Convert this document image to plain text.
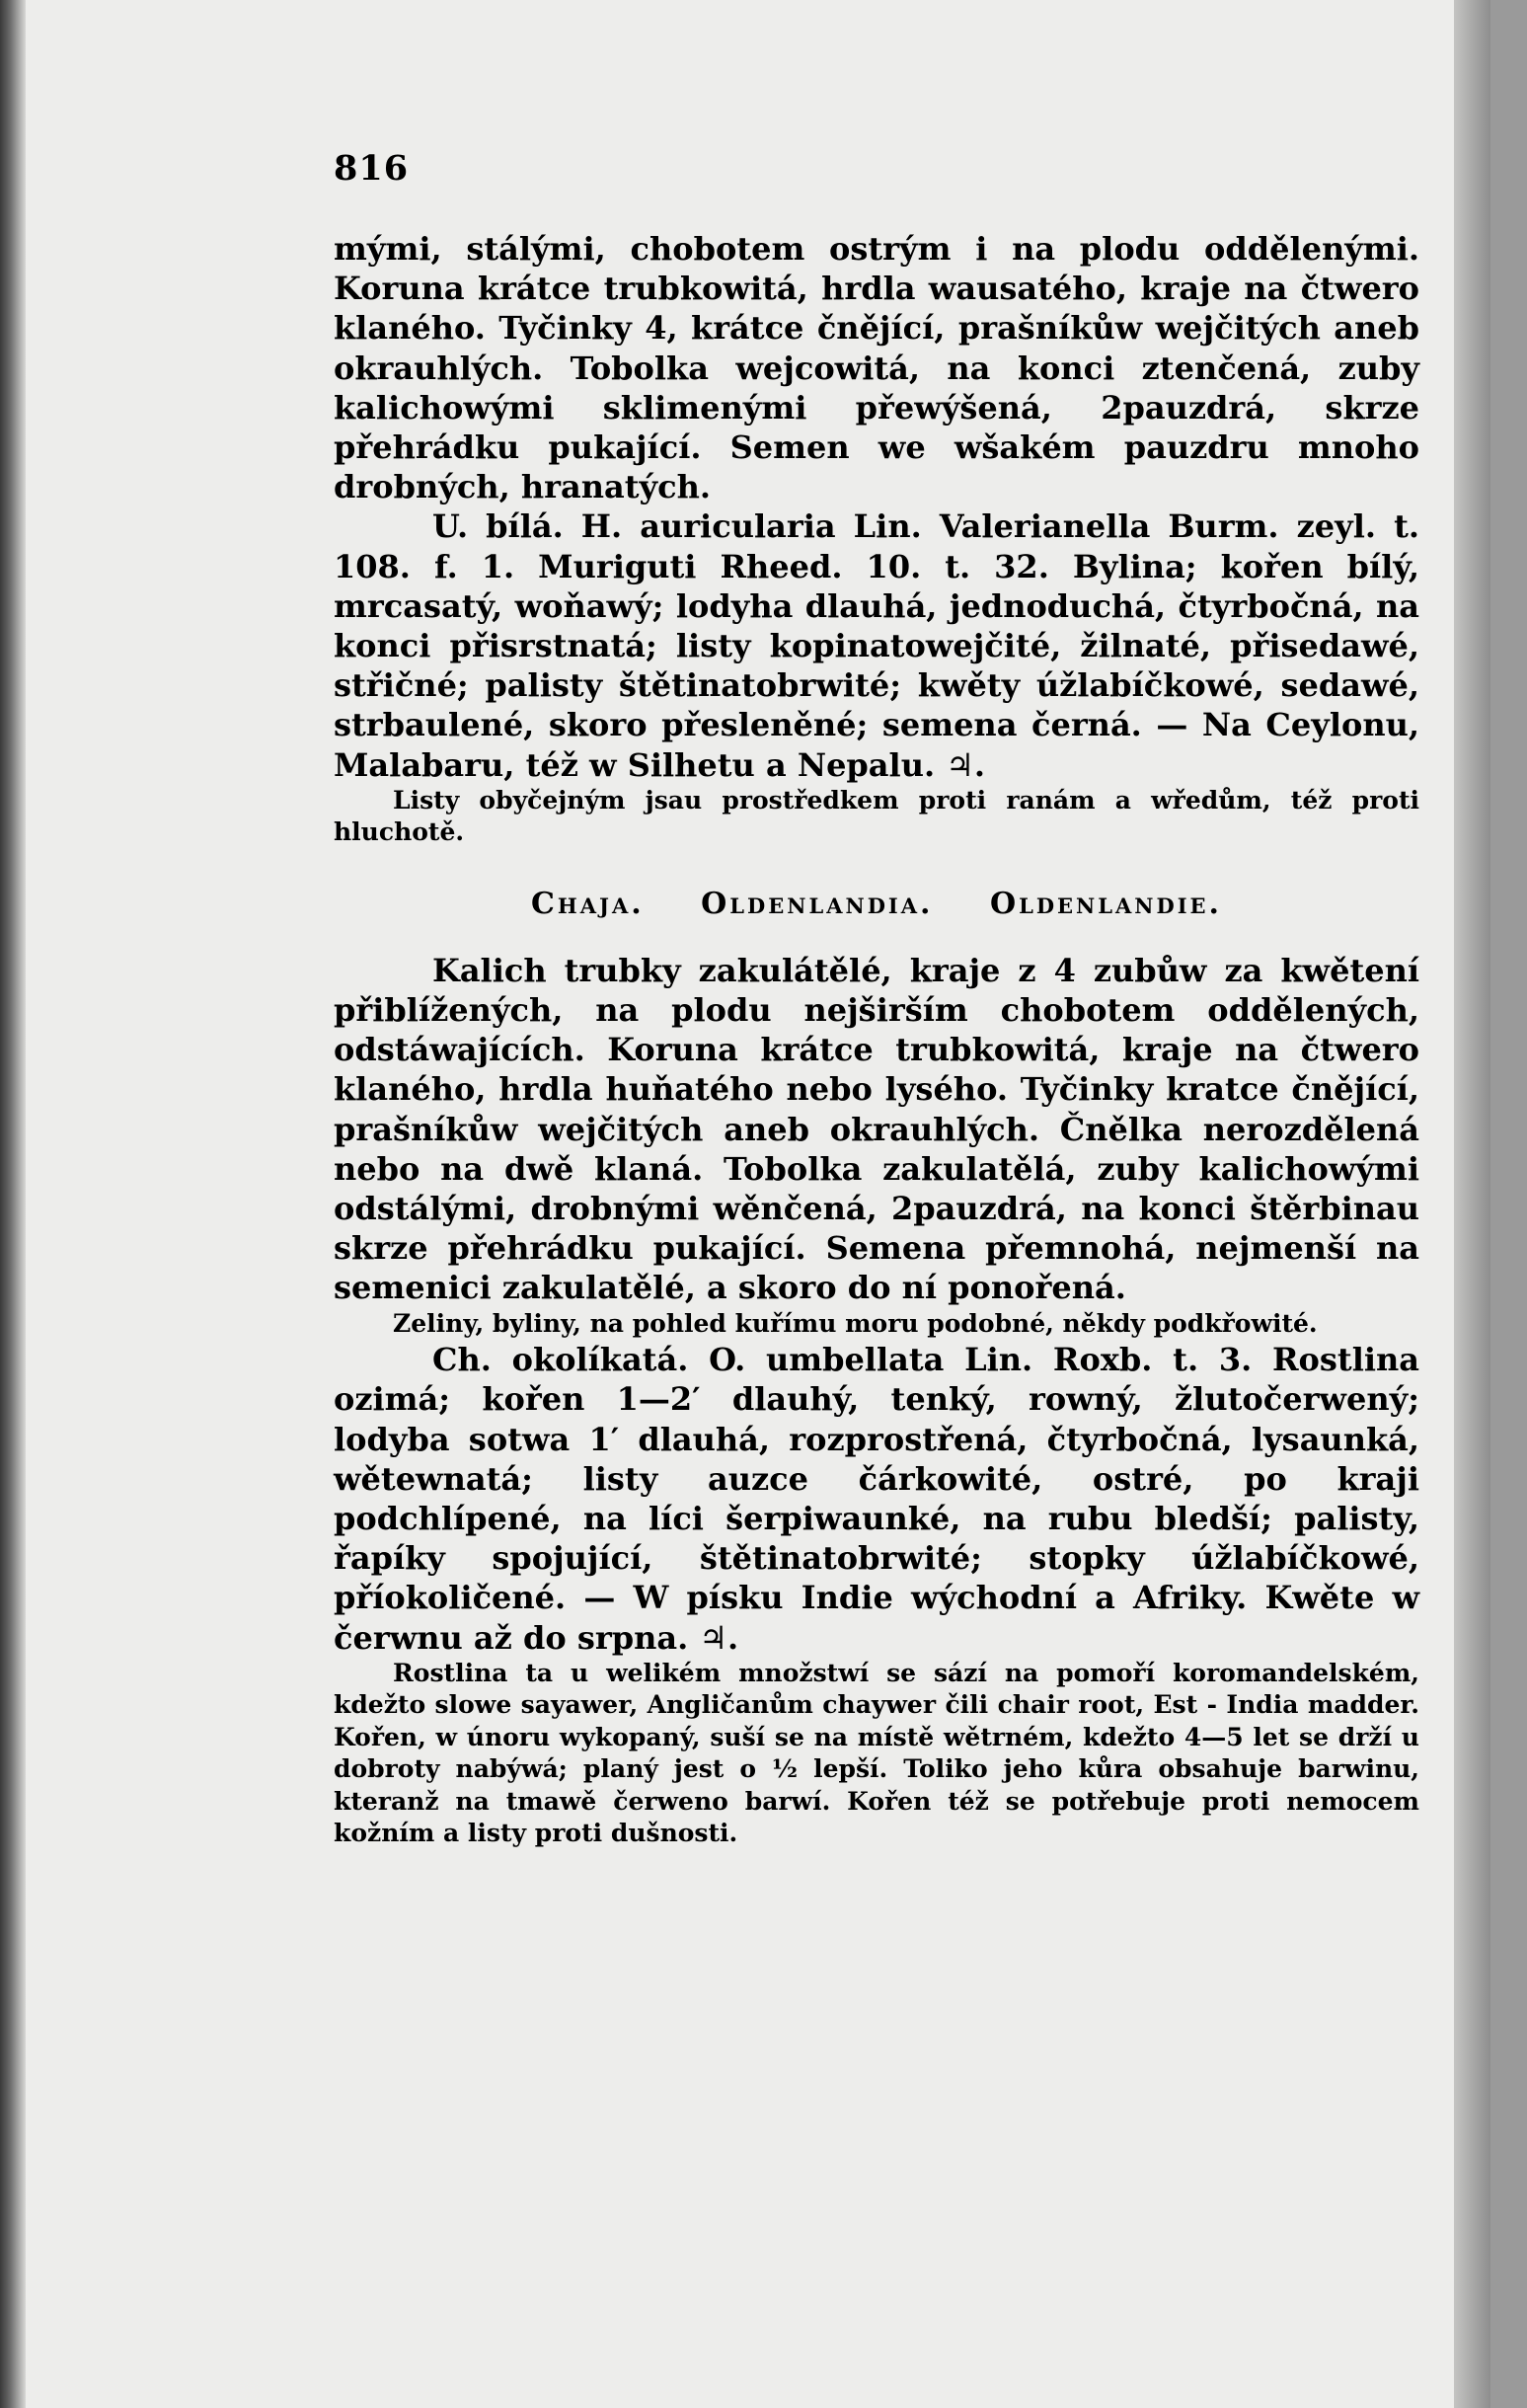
816

mými, stálými, chobotem ostrým i na plodu oddělenými. Koruna krátce trubkowitá, hrdla wausatého, kraje na čtwero klaného. Tyčinky 4, krátce čnějící, prašníkůw wejčitých aneb okrauhlých. Tobolka wejcowitá, na konci ztenčená, zuby kalichowými sklimenými přewýšená, 2pauzdrá, skrze přehrádku pukající. Semen we wšakém pauzdru mnoho drobných, hranatých.

U. bílá. H. auricularia Lin. Valerianella Burm. zeyl. t. 108. f. 1. Muriguti Rheed. 10. t. 32. Bylina; kořen bílý, mrcasatý, woňawý; lodyha dlauhá, jednoduchá, čtyrbočná, na konci přisrstnatá; listy kopinatowejčité, žilnaté, přisedawé, střičné; palisty štětinatobrwité; kwěty úžlabíčkowé, sedawé, strbaulené, skoro přesleněné; semena černá. — Na Ceylonu, Malabaru, též w Silhetu a Nepalu. ♃.

Listy obyčejným jsau prostředkem proti ranám a wředům, též proti hluchotě.

Chaja. Oldenlandia. Oldenlandie.

Kalich trubky zakulátělé, kraje z 4 zubůw za kwětení přiblížených, na plodu nejširším chobotem oddělených, odstáwajících. Koruna krátce trubkowitá, kraje na čtwero klaného, hrdla huňatého nebo lysého. Tyčinky kratce čnějící, prašníkůw wejčitých aneb okrauhlých. Čnělka nerozdělená nebo na dwě klaná. Tobolka zakulatělá, zuby kalichowými odstálými, drobnými wěnčená, 2pauzdrá, na konci štěrbinau skrze přehrádku pukající. Semena přemnohá, nejmenší na semenici zakulatělé, a skoro do ní ponořená.

Zeliny, byliny, na pohled kuřímu moru podobné, někdy podkřowité.

Ch. okolíkatá. O. umbellata Lin. Roxb. t. 3. Rostlina ozimá; kořen 1—2′ dlauhý, tenký, rowný, žlutočerwený; lodyba sotwa 1′ dlauhá, rozprostřená, čtyrbočná, lysaunká, wětewnatá; listy auzce čárkowité, ostré, po kraji podchlípené, na líci šerpiwaunké, na rubu bledší; palisty, řapíky spojující, štětinatobrwité; stopky úžlabíčkowé, příokoličené. — W písku Indie wýchodní a Afriky. Kwěte w čerwnu až do srpna. ♃.

Rostlina ta u welikém množstwí se sází na pomoří koromandelském, kdežto slowe sayawer, Angličanům chaywer čili chair root, Est - India madder. Kořen, w únoru wykopaný, suší se na místě wětrném, kdežto 4—5 let se drží u dobroty nabýwá; planý jest o ½ lepší. Toliko jeho kůra obsahuje barwinu, kteranž na tmawě čerweno barwí. Kořen též se potřebuje proti nemocem kožním a listy proti dušnosti.
